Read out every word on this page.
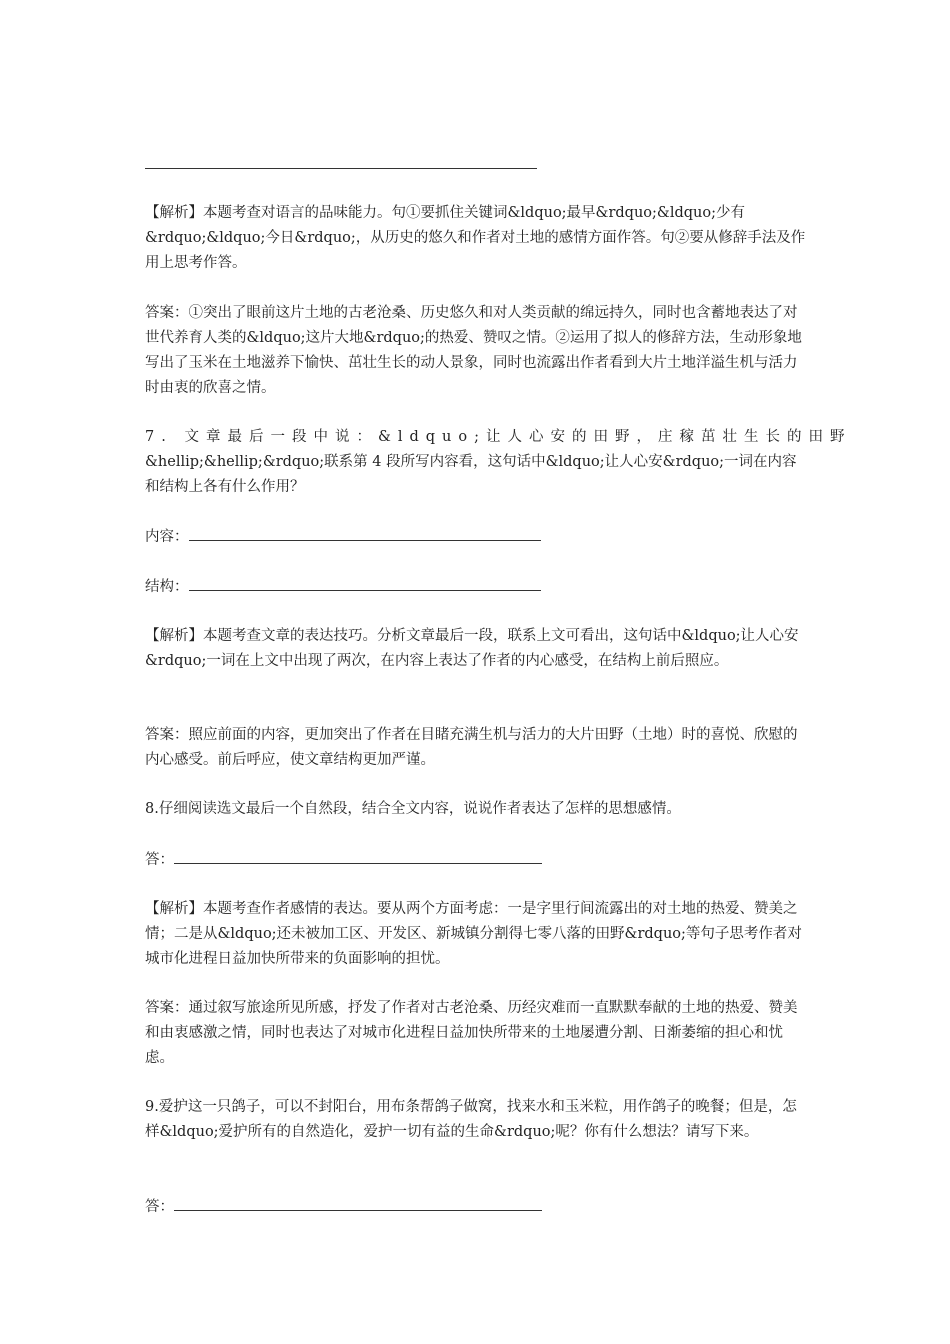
【解析】本题考查对语言的品味能力。句①要抓住关键词&ldquo;最早&rdquo;&ldquo;少有&rdquo;&ldquo;今日&rdquo;，从历史的悠久和作者对土地的感情方面作答。句②要从修辞手法及作用上思考作答。

答案：①突出了眼前这片土地的古老沧桑、历史悠久和对人类贡献的绵远持久，同时也含蓄地表达了对世代养育人类的&ldquo;这片大地&rdquo;的热爱、赞叹之情。②运用了拟人的修辞方法，生动形象地写出了玉米在土地滋养下愉快、茁壮生长的动人景象，同时也流露出作者看到大片土地洋溢生机与活力时由衷的欣喜之情。

7. 文章最后一段中说：&ldquo;让人心安的田野，庄稼茁壮生长的田野

&hellip;&hellip;&rdquo;联系第 4 段所写内容看，这句话中&ldquo;让人心安&rdquo;一词在内容和结构上各有什么作用？

内容：

结构：

【解析】本题考查文章的表达技巧。分析文章最后一段，联系上文可看出，这句话中&ldquo;让人心安&rdquo;一词在上文中出现了两次，在内容上表达了作者的内心感受，在结构上前后照应。

答案：照应前面的内容，更加突出了作者在目睹充满生机与活力的大片田野（土地）时的喜悦、欣慰的内心感受。前后呼应，使文章结构更加严谨。

8.仔细阅读选文最后一个自然段，结合全文内容，说说作者表达了怎样的思想感情。

答：

【解析】本题考查作者感情的表达。要从两个方面考虑：一是字里行间流露出的对土地的热爱、赞美之情；二是从&ldquo;还未被加工区、开发区、新城镇分割得七零八落的田野&rdquo;等句子思考作者对城市化进程日益加快所带来的负面影响的担忧。

答案：通过叙写旅途所见所感，抒发了作者对古老沧桑、历经灾难而一直默默奉献的土地的热爱、赞美和由衷感激之情，同时也表达了对城市化进程日益加快所带来的土地屡遭分割、日渐萎缩的担心和忧虑。

9.爱护这一只鸽子，可以不封阳台，用布条帮鸽子做窝，找来水和玉米粒，用作鸽子的晚餐；但是，怎样&ldquo;爱护所有的自然造化，爱护一切有益的生命&rdquo;呢？你有什么想法？请写下来。

答：
